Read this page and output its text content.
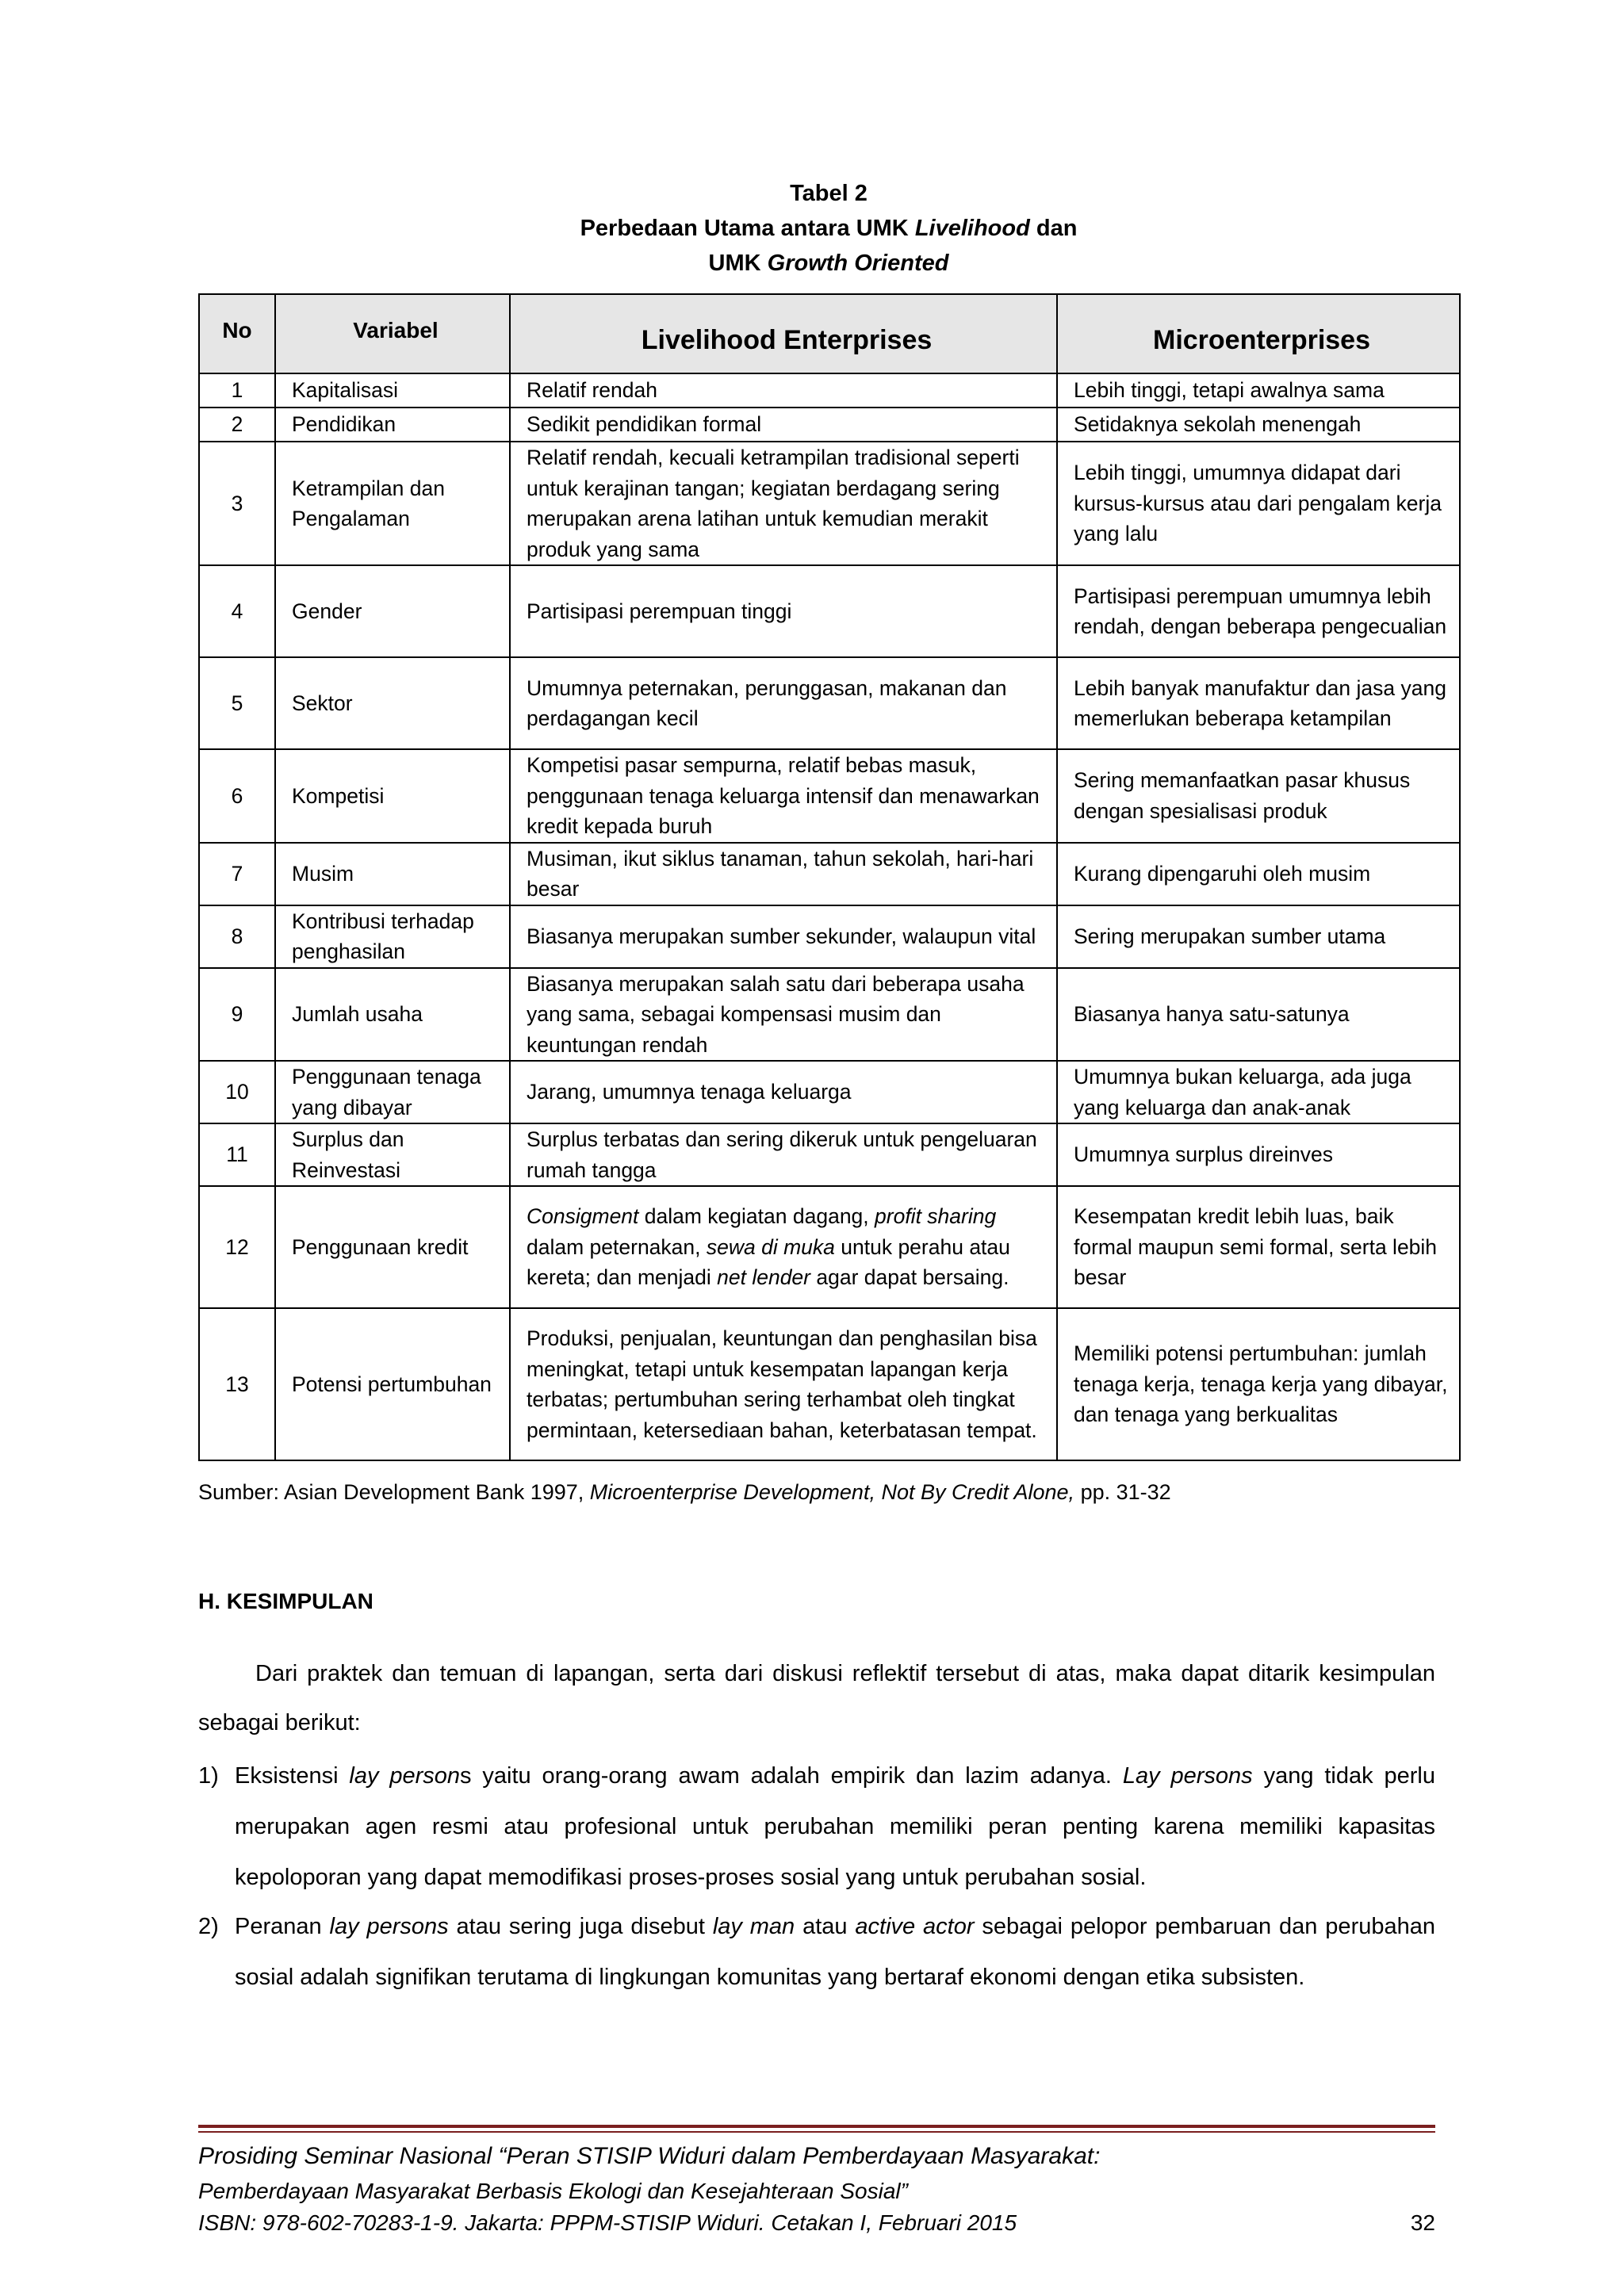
Tabel 2
Perbedaan Utama antara UMK Livelihood dan
UMK Growth Oriented
No	Variabel	Livelihood Enterprises	Microenterprises
1	Kapitalisasi	Relatif rendah	Lebih tinggi, tetapi awalnya sama
2	Pendidikan	Sedikit pendidikan formal	Setidaknya sekolah menengah
3	Ketrampilan dan Pengalaman	Relatif rendah, kecuali ketrampilan tradisional seperti untuk kerajinan tangan; kegiatan berdagang sering merupakan arena latihan untuk kemudian merakit produk yang sama	Lebih tinggi, umumnya didapat dari kursus-kursus atau dari pengalam kerja yang lalu
4	Gender	Partisipasi perempuan tinggi	Partisipasi perempuan umumnya lebih rendah, dengan beberapa pengecualian
5	Sektor	Umumnya peternakan, perunggasan, makanan dan perdagangan kecil	Lebih banyak manufaktur dan jasa yang memerlukan beberapa ketampilan
6	Kompetisi	Kompetisi pasar sempurna, relatif bebas masuk, penggunaan tenaga keluarga intensif dan menawarkan kredit kepada buruh	Sering memanfaatkan pasar khusus dengan spesialisasi produk
7	Musim	Musiman, ikut siklus tanaman, tahun sekolah, hari-hari besar	Kurang dipengaruhi oleh musim
8	Kontribusi terhadap penghasilan	Biasanya merupakan sumber sekunder, walaupun vital	Sering merupakan sumber utama
9	Jumlah usaha	Biasanya merupakan salah satu dari beberapa usaha yang sama, sebagai kompensasi musim dan keuntungan rendah	Biasanya hanya satu-satunya
10	Penggunaan tenaga yang dibayar	Jarang, umumnya tenaga keluarga	Umumnya bukan keluarga, ada juga yang keluarga dan anak-anak
11	Surplus dan Reinvestasi	Surplus terbatas dan sering dikeruk untuk pengeluaran rumah tangga	Umumnya surplus direinves
12	Penggunaan kredit	Consigment dalam kegiatan dagang, profit sharing dalam peternakan, sewa di muka untuk perahu atau kereta; dan menjadi net lender agar dapat bersaing.	Kesempatan kredit lebih luas, baik formal maupun semi formal, serta lebih besar
13	Potensi pertumbuhan	Produksi, penjualan, keuntungan dan penghasilan bisa meningkat, tetapi untuk kesempatan lapangan kerja terbatas; pertumbuhan sering terhambat oleh tingkat permintaan, ketersediaan bahan, keterbatasan tempat.	Memiliki potensi pertumbuhan: jumlah tenaga kerja, tenaga kerja yang dibayar, dan tenaga yang berkualitas
Sumber: Asian Development Bank 1997, Microenterprise Development, Not By Credit Alone, pp. 31-32
H. KESIMPULAN
Dari praktek dan temuan di lapangan, serta dari diskusi reflektif tersebut di atas, maka dapat ditarik kesimpulan sebagai berikut:
1) Eksistensi lay persons yaitu orang-orang awam adalah empirik dan lazim adanya. Lay persons yang tidak perlu merupakan agen resmi atau profesional untuk perubahan memiliki peran penting karena memiliki kapasitas kepoloporan yang dapat memodifikasi proses-proses sosial yang untuk perubahan sosial.
2) Peranan lay persons atau sering juga disebut lay man atau active actor sebagai pelopor pembaruan dan perubahan sosial adalah signifikan terutama di lingkungan komunitas yang bertaraf ekonomi dengan etika subsisten.
Prosiding Seminar Nasional “Peran STISIP Widuri dalam Pemberdayaan Masyarakat:
Pemberdayaan Masyarakat Berbasis Ekologi dan Kesejahteraan Sosial”
ISBN: 978-602-70283-1-9. Jakarta: PPPM-STISIP Widuri. Cetakan I, Februari 2015	32
